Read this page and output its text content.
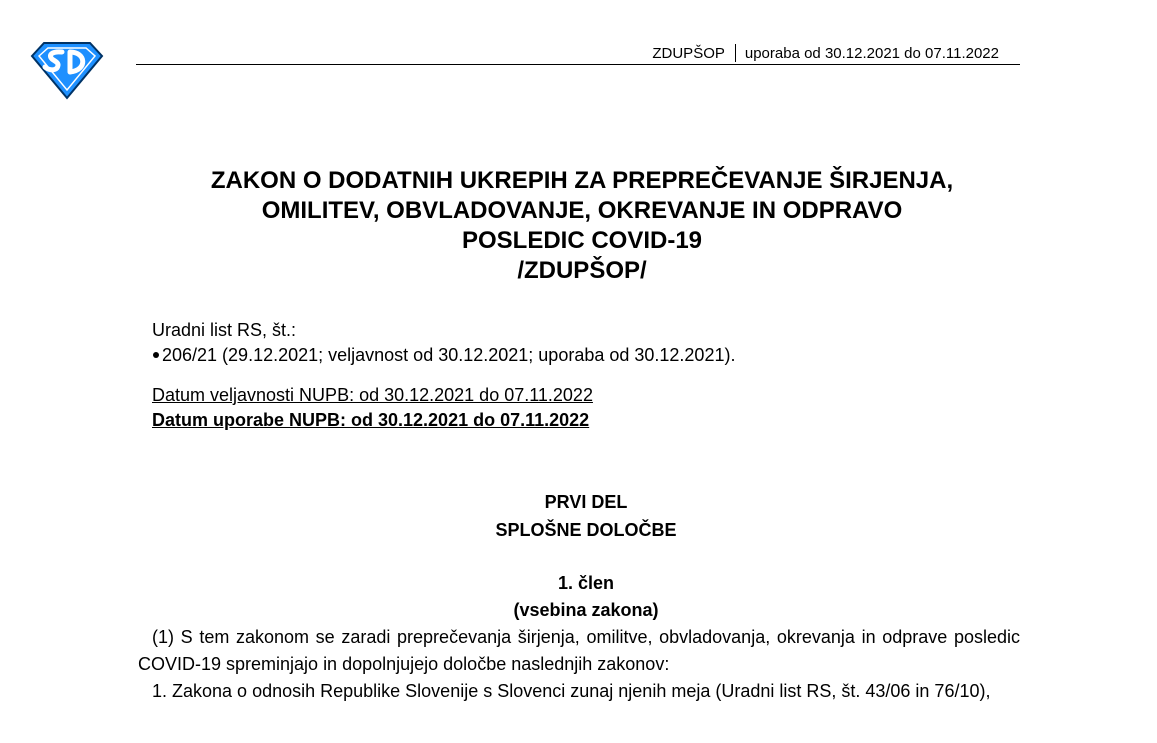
ZDUPŠOP uporaba od 30.12.2021 do 07.11.2022
ZAKON O DODATNIH UKREPIH ZA PREPREČEVANJE ŠIRJENJA,
OMILITEV, OBVLADOVANJE, OKREVANJE IN ODPRAVO
POSLEDIC COVID-19
/ZDUPŠOP/
Uradni list RS, št.:
206/21 (29.12.2021; veljavnost od 30.12.2021; uporaba od 30.12.2021).
Datum veljavnosti NUPB: od 30.12.2021 do 07.11.2022
Datum uporabe NUPB: od 30.12.2021 do 07.11.2022
PRVI DEL
SPLOŠNE DOLOČBE
1. člen
(vsebina zakona)

(1) S tem zakonom se zaradi preprečevanja širjenja, omilitve, obvladovanja, okrevanja in odprave posledic COVID-19 spreminjajo in dopolnjujejo določbe naslednjih zakonov:

1. Zakona o odnosih Republike Slovenije s Slovenci zunaj njenih meja (Uradni list RS, št. 43/06 in 76/10),
